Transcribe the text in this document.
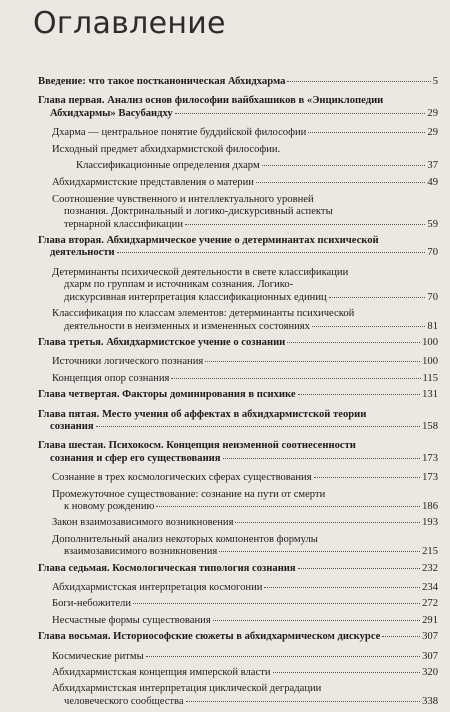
Оглавление
Введение: что такое постканоническая Абхидхарма	5
Глава первая. Анализ основ философии вайбхашиков в «Энциклопедии
Абхидхармы» Васубандху	29
Дхарма — центральное понятие буддийской философии	29
Исходный предмет абхидхармистской философии.
Классификационные определения дхарм	37
Абхидхармистские представления о материи	49
Соотношение чувственного и интеллектуального уровней
познания. Доктринальный и логико-дискурсивный аспекты
тернарной классификации	59
Глава вторая. Абхидхармическое учение о детерминантах психической
деятельности	70
Детерминанты психической деятельности в свете классификации
дхарм по группам и источникам сознания. Логико-
дискурсивная интерпретация классификационных единиц	70
Классификация по классам элементов: детерминанты психической
деятельности в неизменных и измененных состояниях	81
Глава третья. Абхидхармистское учение о сознании	100
Источники логического познания	100
Концепция опор сознания	115
Глава четвертая. Факторы доминирования в психике	131
Глава пятая. Место учения об аффектах в абхидхармистской теории
сознания	158
Глава шестая. Психокосм. Концепция неизменной соотнесенности
сознания и сфер его существования	173
Сознание в трех космологических сферах существования	173
Промежуточное существование: сознание на пути от смерти
к новому рождению	186
Закон взаимозависимого возникновения	193
Дополнительный анализ некоторых компонентов формулы
взаимозависимого возникновения	215
Глава седьмая. Космологическая типология сознания	232
Абхидхармистская интерпретация космогонии	234
Боги-небожители	272
Несчастные формы существования	291
Глава восьмая. Историософские сюжеты в абхидхармическом дискурсе	307
Космические ритмы	307
Абхидхармистская концепция имперской власти	320
Абхидхармистская интерпретация циклической деградации
человеческого сообщества	338
